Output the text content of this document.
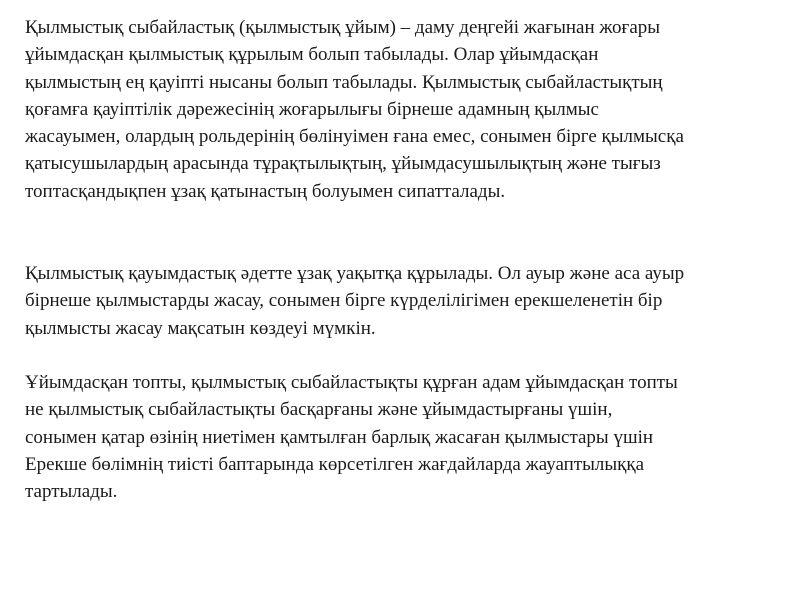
Қылмыстық сыбайластық (қылмыстық ұйым) – даму деңгейі жағынан жоғары
ұйымдасқан қылмыстық құрылым болып табылады. Олар ұйымдасқан
қылмыстың ең қауіпті нысаны болып табылады. Қылмыстық сыбайластықтың
қоғамға қауіптілік дәрежесінің жоғарылығы бірнеше адамның қылмыс
жасауымен, олардың рольдерінің бөлінуімен ғана емес, сонымен бірге қылмысқа
қатысушылардың арасында тұрақтылықтың, ұйымдасушылықтың және тығыз
топтасқандықпен ұзақ қатынастың болуымен сипатталады.
Қылмыстық қауымдастық әдетте ұзақ уақытқа құрылады. Ол ауыр және аса ауыр
бірнеше қылмыстарды жасау, сонымен бірге күрделілігімен ерекшеленетін бір
қылмысты жасау мақсатын көздеуі мүмкін.
Ұйымдасқан топты, қылмыстық сыбайластықты құрған адам ұйымдасқан топты
не қылмыстық сыбайластықты басқарғаны және ұйымдастырғаны үшін,
сонымен қатар өзінің ниетімен қамтылған барлық жасаған қылмыстары үшін
Ерекше бөлімнің тиісті баптарында көрсетілген жағдайларда жауаптылыққа
тартылады.
